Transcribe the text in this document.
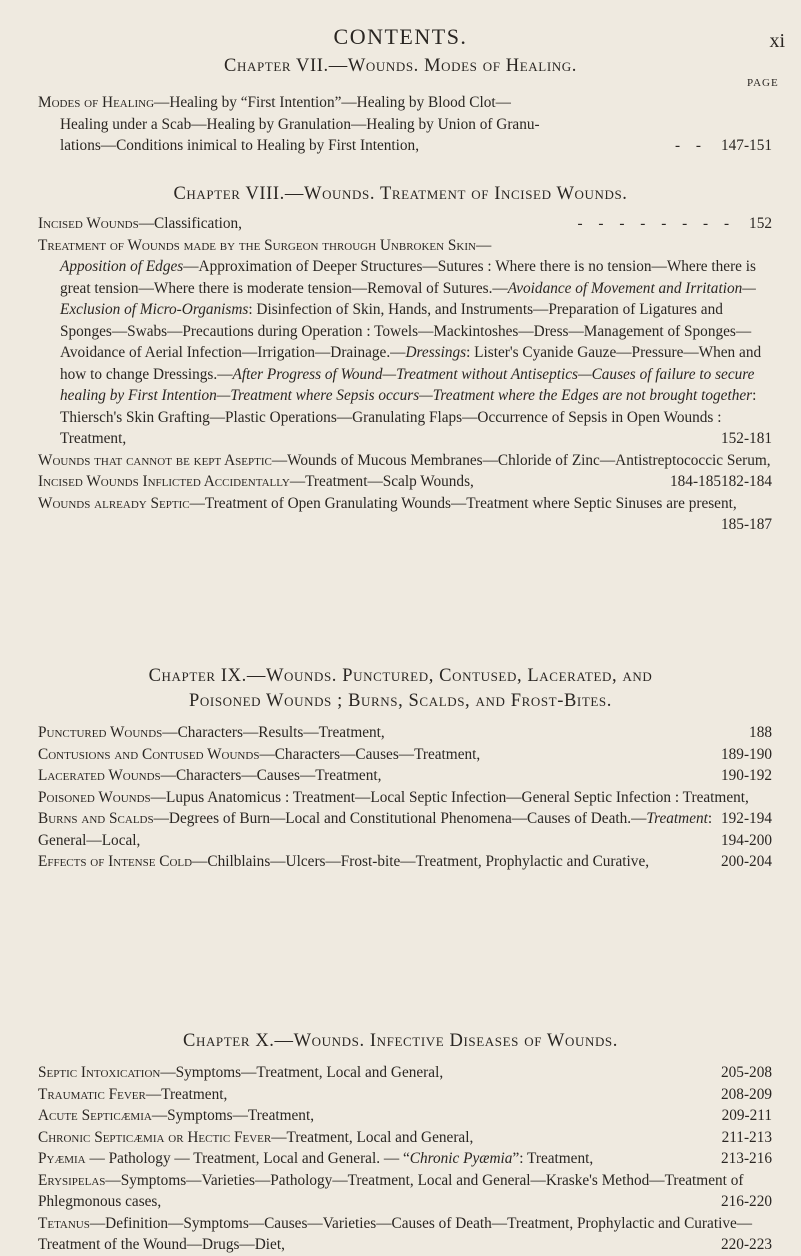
CONTENTS.	xi
Chapter VII.—Wounds. Modes of Healing.
PAGE
Modes of Healing—Healing by “First Intention”—Healing by Blood Clot—
Healing under a Scab—Healing by Granulation—Healing by Union of Granu-
lations—Conditions inimical to Healing by First Intention,	- - 147-151
Chapter VIII.—Wounds. Treatment of Incised Wounds.
Incised Wounds—Classification,	- - - - - - - - 152
Treatment of Wounds made by the Surgeon through Unbroken Skin—
Apposition of Edges—Approximation of Deeper Structures—Sutures : Where there is no tension—Where there is great tension—Where there is moderate tension—Removal of Sutures.—Avoidance of Movement and Irritation—Exclusion of Micro-Organisms: Disinfection of Skin, Hands, and Instruments—Preparation of Ligatures and Sponges—Swabs—Precautions during Operation : Towels—Mackintoshes—Dress—Management of Sponges—Avoidance of Aerial Infection—Irrigation—Drainage.—Dressings: Lister's Cyanide Gauze—Pressure—When and how to change Dressings.—After Progress of Wound—Treatment without Antiseptics—Causes of failure to secure healing by First Intention—Treatment where Sepsis occurs—Treatment where the Edges are not brought together: Thiersch's Skin Grafting—Plastic Operations—Granulating Flaps—Occurrence of Sepsis in Open Wounds : Treatment,	152-181
Wounds that cannot be kept Aseptic—Wounds of Mucous Membranes—Chloride of Zinc—Antistreptococcic Serum,
182-184
Incised Wounds Inflicted Accidentally—Treatment—Scalp Wounds,	184-185
Wounds already Septic—Treatment of Open Granulating Wounds—Treatment where Septic Sinuses are present,
185-187
Chapter IX.—Wounds. Punctured, Contused, Lacerated, and
Poisoned Wounds ; Burns, Scalds, and Frost-Bites.
Punctured Wounds—Characters—Results—Treatment,	188
Contusions and Contused Wounds—Characters—Causes—Treatment,	189-190
Lacerated Wounds—Characters—Causes—Treatment,	190-192
Poisoned Wounds—Lupus Anatomicus : Treatment—Local Septic Infection—General Septic Infection : Treatment,
192-194
Burns and Scalds—Degrees of Burn—Local and Constitutional Phenomena—Causes of Death.—Treatment: General—Local,	194-200
Effects of Intense Cold—Chilblains—Ulcers—Frost-bite—Treatment, Prophylactic and Curative,	200-204
Chapter X.—Wounds. Infective Diseases of Wounds.
Septic Intoxication—Symptoms—Treatment, Local and General,	205-208
Traumatic Fever—Treatment,	208-209
Acute Septicæmia—Symptoms—Treatment,	209-211
Chronic Septicæmia or Hectic Fever—Treatment, Local and General,	211-213
Pyæmia — Pathology — Treatment, Local and General. — “Chronic Pyæmia”: Treatment,	213-216
Erysipelas—Symptoms—Varieties—Pathology—Treatment, Local and General—Kraske's Method—Treatment of Phlegmonous cases,	216-220
Tetanus—Definition—Symptoms—Causes—Varieties—Causes of Death—Treatment, Prophylactic and Curative—Treatment of the Wound—Drugs—Diet,	220-223
